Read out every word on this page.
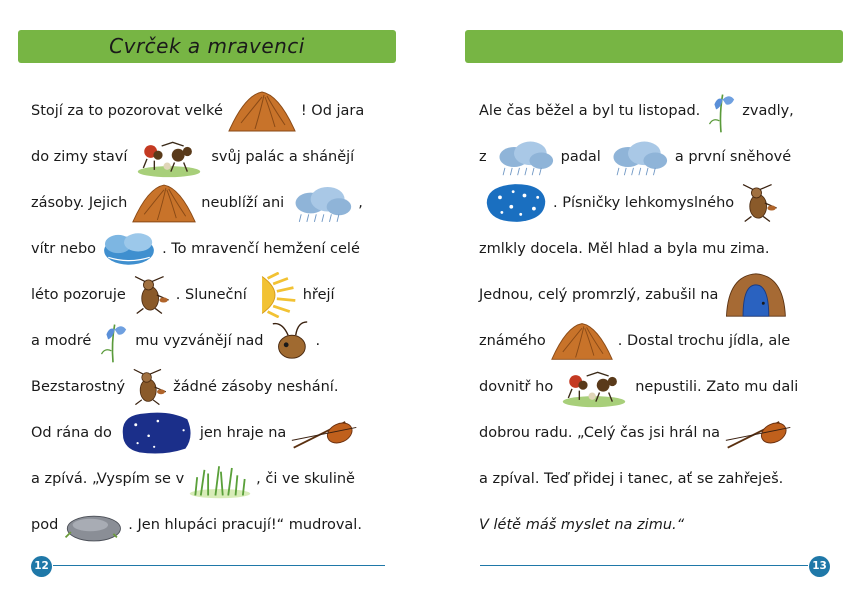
Cvrček a mravenci
Stojí za to pozorovat velké	! Od jara
do zimy staví	svůj palác a shánějí
zásoby. Jejich	neublíží ani	,
vítr nebo	. To mravenčí hemžení celé
léto pozoruje	. Sluneční	hřejí
a modré	mu vyzvánějí nad	.
Bezstarostný	žádné zásoby neshání.
Od rána do	jen hraje na
a zpívá. „Vyspím se v	, či ve skulině
pod	. Jen hlupáci pracují!“ mudroval.
12
Ale čas běžel a byl tu listopad.	zvadly,
z	padal	a první sněhové
. Písničky lehkomyslného
zmlkly docela. Měl hlad a byla mu zima.
Jednou, celý promrzlý, zabušil na
známého	. Dostal trochu jídla, ale
dovnitř ho	nepustili. Zato mu dali
dobrou radu. „Celý čas jsi hrál na
a zpíval. Teď přidej i tanec, ať se zahřeješ.
V létě máš myslet na zimu.“
13
